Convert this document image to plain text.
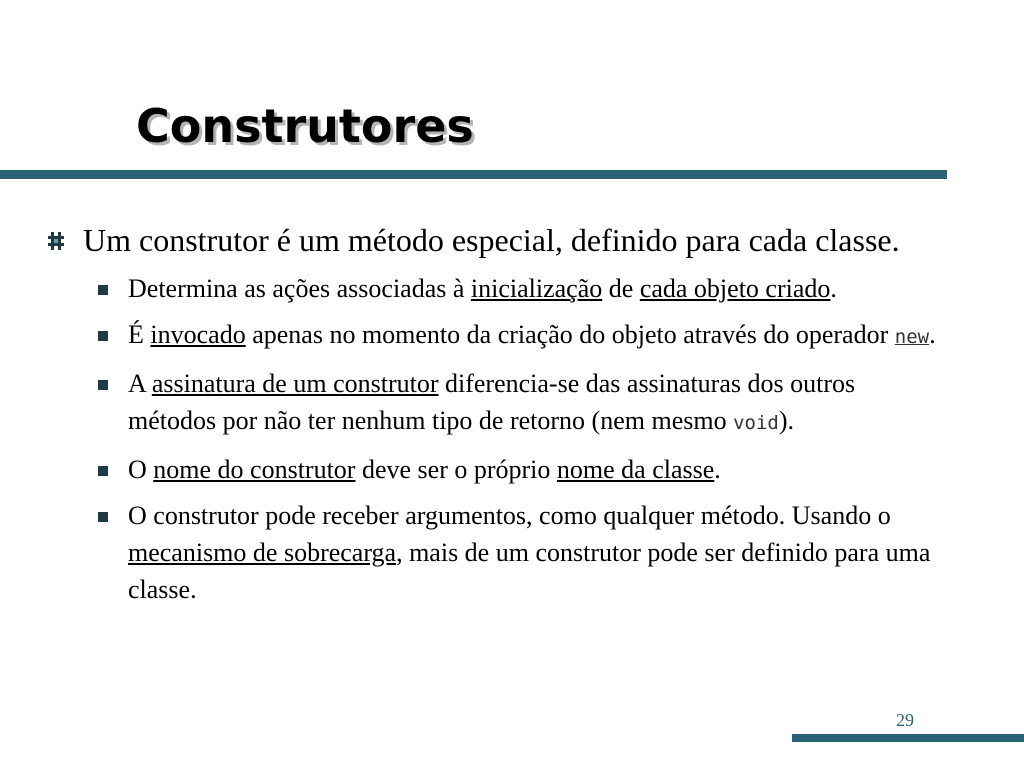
Construtores
Um construtor é um método especial, definido para cada classe.
Determina as ações associadas à inicialização de cada objeto criado.
É invocado apenas no momento da criação do objeto através do operador new.
A assinatura de um construtor diferencia-se das assinaturas dos outros métodos por não ter nenhum tipo de retorno (nem mesmo void).
O nome do construtor deve ser o próprio nome da classe.
O construtor pode receber argumentos, como qualquer método. Usando o mecanismo de sobrecarga, mais de um construtor pode ser definido para uma classe.
29
